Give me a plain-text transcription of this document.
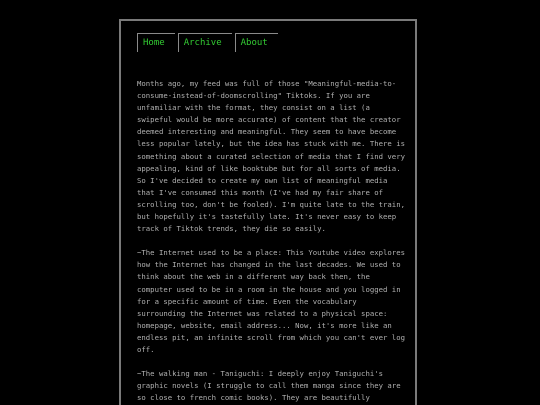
Home	Archive	About

Months ago, my feed was full of those "Meaningful-media-to-consume-instead-of-doomscrolling" Tiktoks. If you are unfamiliar with the format, they consist on a list (a swipeful would be more accurate) of content that the creator deemed interesting and meaningful. They seem to have become less popular lately, but the idea has stuck with me. There is something about a curated selection of media that I find very appealing, kind of like booktube but for all sorts of media. So I've decided to create my own list of meaningful media that I've consumed this month (I've had my fair share of scrolling too, don't be fooled). I'm quite late to the train, but hopefully it's tastefully late. It's never easy to keep track of Tiktok trends, they die so easily.

~The Internet used to be a place: This Youtube video explores how the Internet has changed in the last decades. We used to think about the web in a different way back then, the computer used to be in a room in the house and you logged in for a specific amount of time. Even the vocabulary surrounding the Internet was related to a physical space: homepage, website, email address... Now, it's more like an endless pit, an infinite scroll from which you can't ever log off.

~The walking man - Taniguchi: I deeply enjoy Taniguchi's graphic novels (I struggle to call them manga since they are so close to french comic books). They are beautifully
